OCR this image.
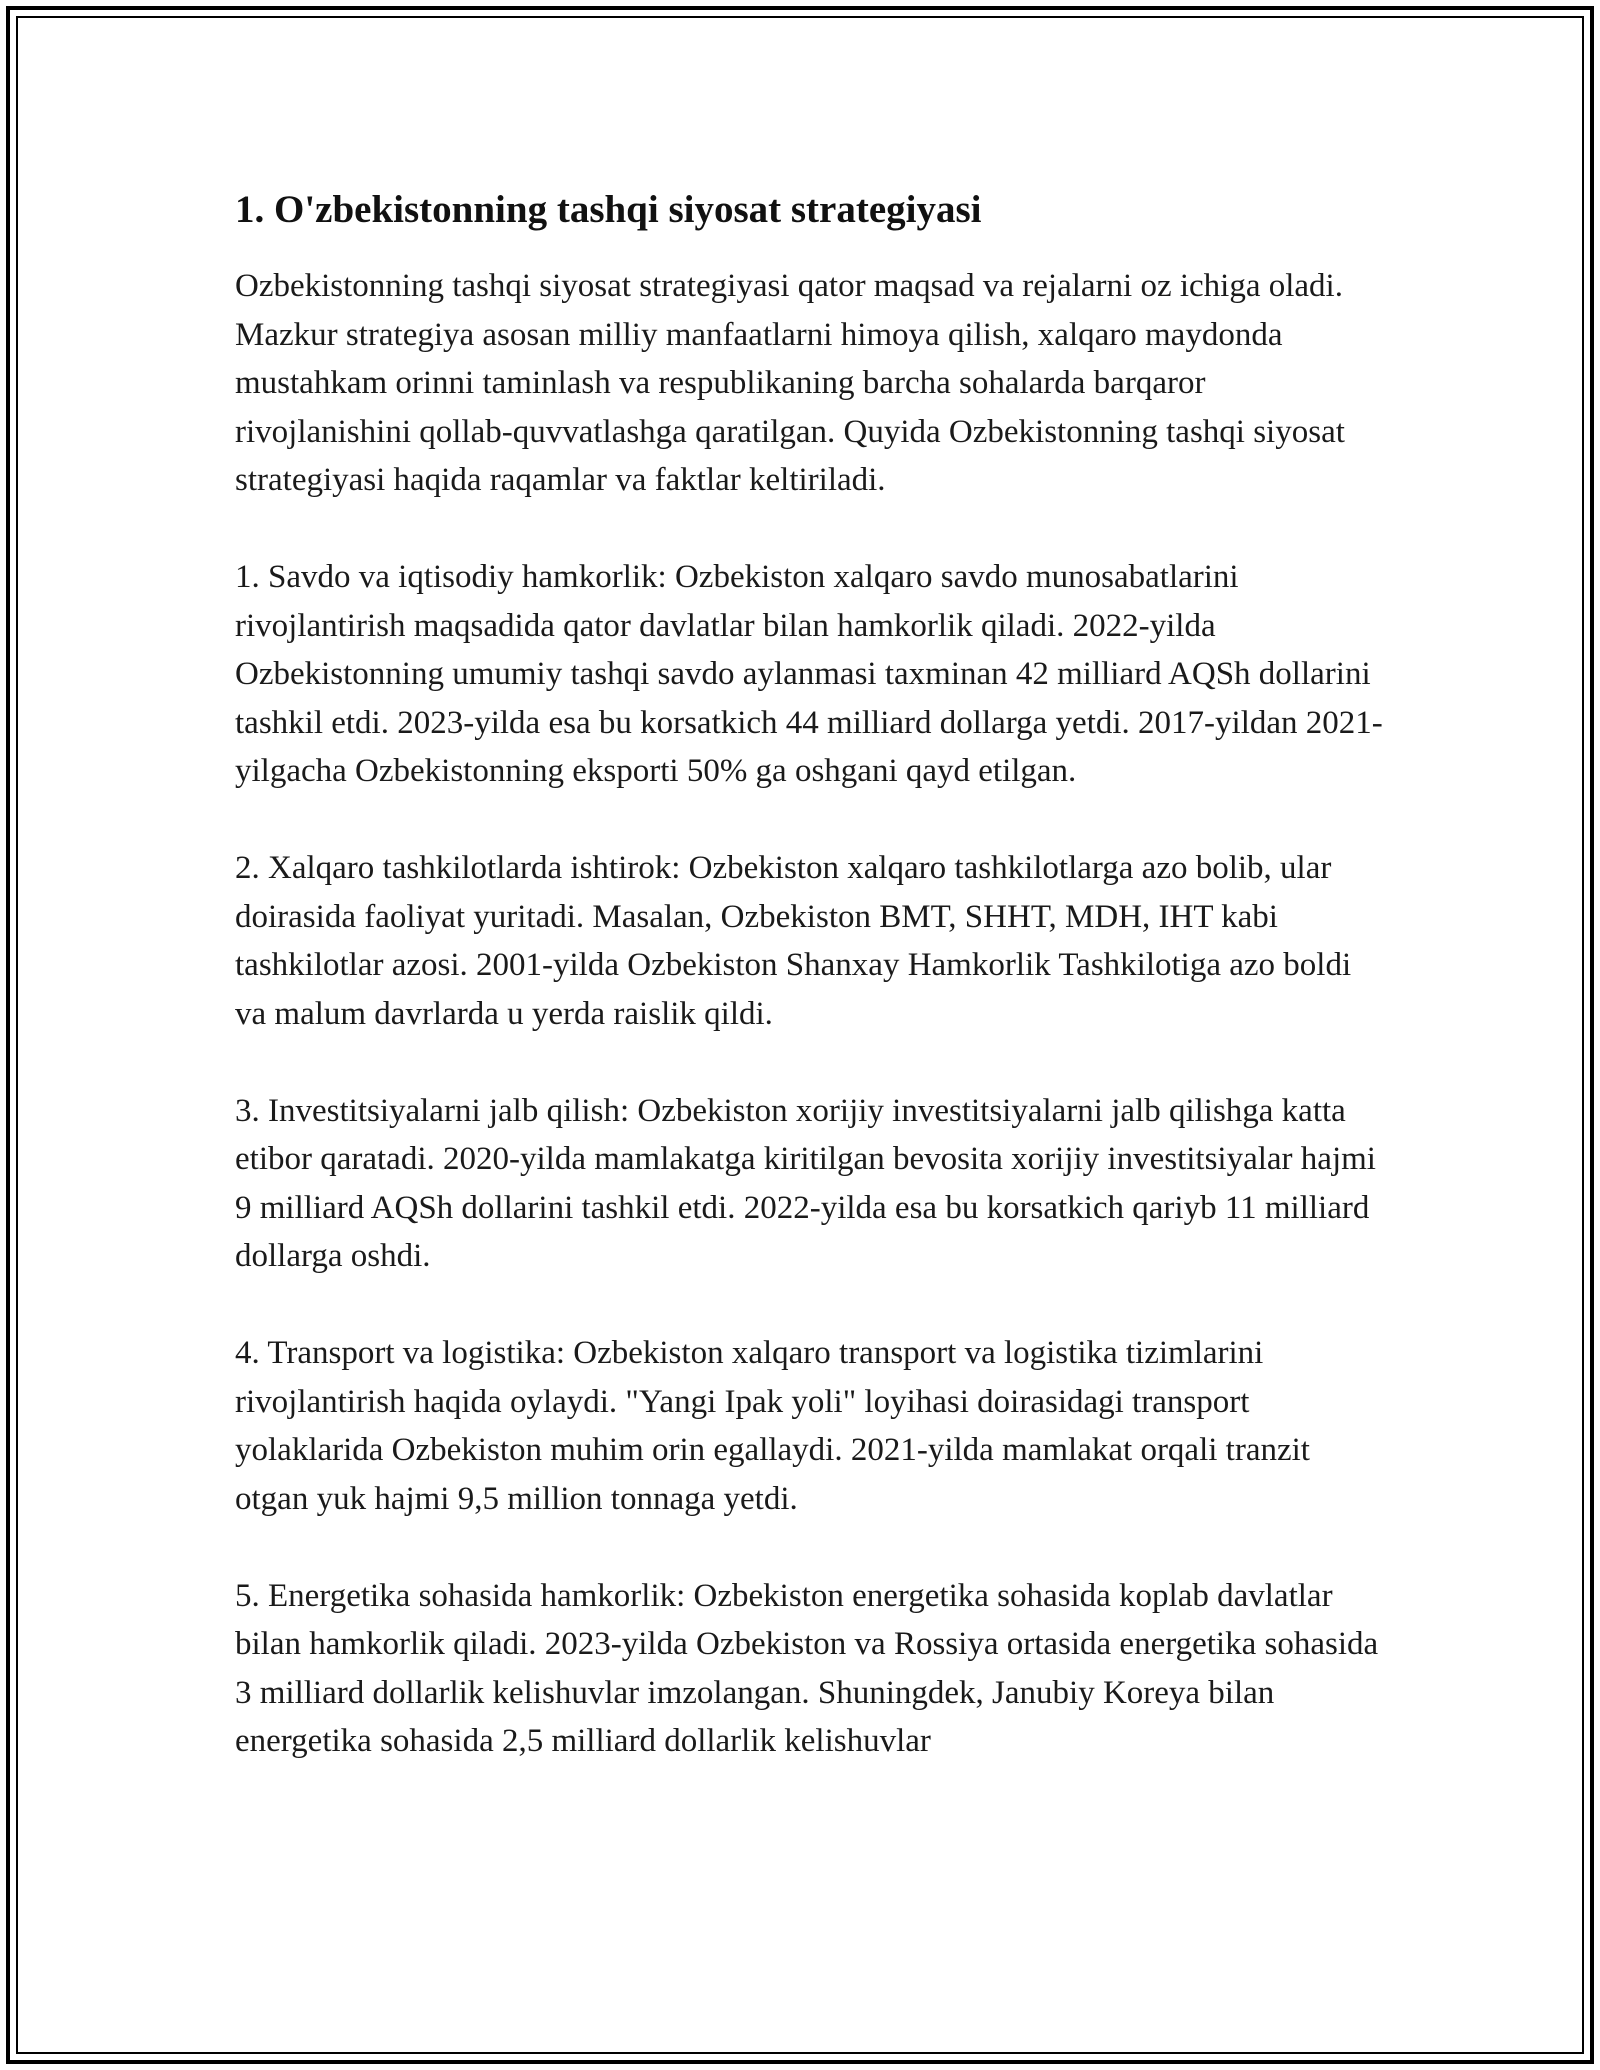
1. O'zbekistonning tashqi siyosat strategiyasi

Ozbekistonning tashqi siyosat strategiyasi qator maqsad va rejalarni oz ichiga oladi. Mazkur strategiya asosan milliy manfaatlarni himoya qilish, xalqaro maydonda mustahkam orinni taminlash va respublikaning barcha sohalarda barqaror rivojlanishini qollab-quvvatlashga qaratilgan. Quyida Ozbekistonning tashqi siyosat strategiyasi haqida raqamlar va faktlar keltiriladi.

1. Savdo va iqtisodiy hamkorlik: Ozbekiston xalqaro savdo munosabatlarini rivojlantirish maqsadida qator davlatlar bilan hamkorlik qiladi. 2022-yilda Ozbekistonning umumiy tashqi savdo aylanmasi taxminan 42 milliard AQSh dollarini tashkil etdi. 2023-yilda esa bu korsatkich 44 milliard dollarga yetdi. 2017-yildan 2021-yilgacha Ozbekistonning eksporti 50% ga oshgani qayd etilgan.

2. Xalqaro tashkilotlarda ishtirok: Ozbekiston xalqaro tashkilotlarga azo bolib, ular doirasida faoliyat yuritadi. Masalan, Ozbekiston BMT, SHHT, MDH, IHT kabi tashkilotlar azosi. 2001-yilda Ozbekiston Shanxay Hamkorlik Tashkilotiga azo boldi va malum davrlarda u yerda raislik qildi.

3. Investitsiyalarni jalb qilish: Ozbekiston xorijiy investitsiyalarni jalb qilishga katta etibor qaratadi. 2020-yilda mamlakatga kiritilgan bevosita xorijiy investitsiyalar hajmi 9 milliard AQSh dollarini tashkil etdi. 2022-yilda esa bu korsatkich qariyb 11 milliard dollarga oshdi.

4. Transport va logistika: Ozbekiston xalqaro transport va logistika tizimlarini rivojlantirish haqida oylaydi. "Yangi Ipak yoli" loyihasi doirasidagi transport yolaklarida Ozbekiston muhim orin egallaydi. 2021-yilda mamlakat orqali tranzit otgan yuk hajmi 9,5 million tonnaga yetdi.

5. Energetika sohasida hamkorlik: Ozbekiston energetika sohasida koplab davlatlar bilan hamkorlik qiladi. 2023-yilda Ozbekiston va Rossiya ortasida energetika sohasida 3 milliard dollarlik kelishuvlar imzolangan. Shuningdek, Janubiy Koreya bilan energetika sohasida 2,5 milliard dollarlik kelishuvlar
